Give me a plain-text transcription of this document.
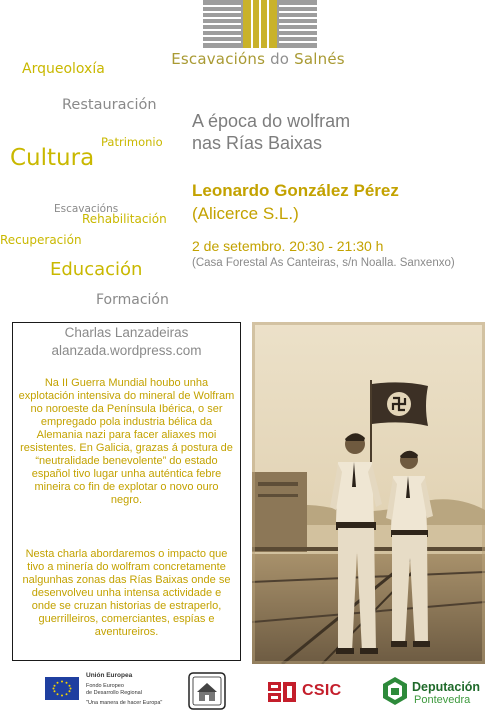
Escavacións do Salnés
Arqueoloxía
Restauración
Patrimonio
Cultura
Escavacións
Rehabilitación
Recuperación
Educación
Formación
A época do wolfram
nas Rías Baixas
Leonardo González Pérez
(Alicerce S.L.)
2 de setembro. 20:30 - 21:30 h
(Casa Forestal As Canteiras, s/n Noalla. Sanxenxo)
Charlas Lanzadeiras
alanzada.wordpress.com
Na II Guerra Mundial houbo unha explotación intensiva do mineral de Wolfram no noroeste da Península Ibérica, o ser empregado pola industria bélica da Alemania nazi para facer aliaxes moi resistentes. En Galicia, grazas á postura de “neutralidade benevolente” do estado español tivo lugar unha auténtica febre mineira co fin de explotar o novo ouro negro.
Nesta charla abordaremos o impacto que tivo a minería do wolfram concretamente nalgunhas zonas das Rías Baixas onde se desenvolveu unha intensa actividade e onde se cruzan historias de estraperlo, guerrilleiros, comerciantes, espías e aventureiros.
Unión Europea
Fondo Europeo
de Desarrollo Regional
"Una manera de hacer Europa"
CSIC	Deputación
Pontevedra
